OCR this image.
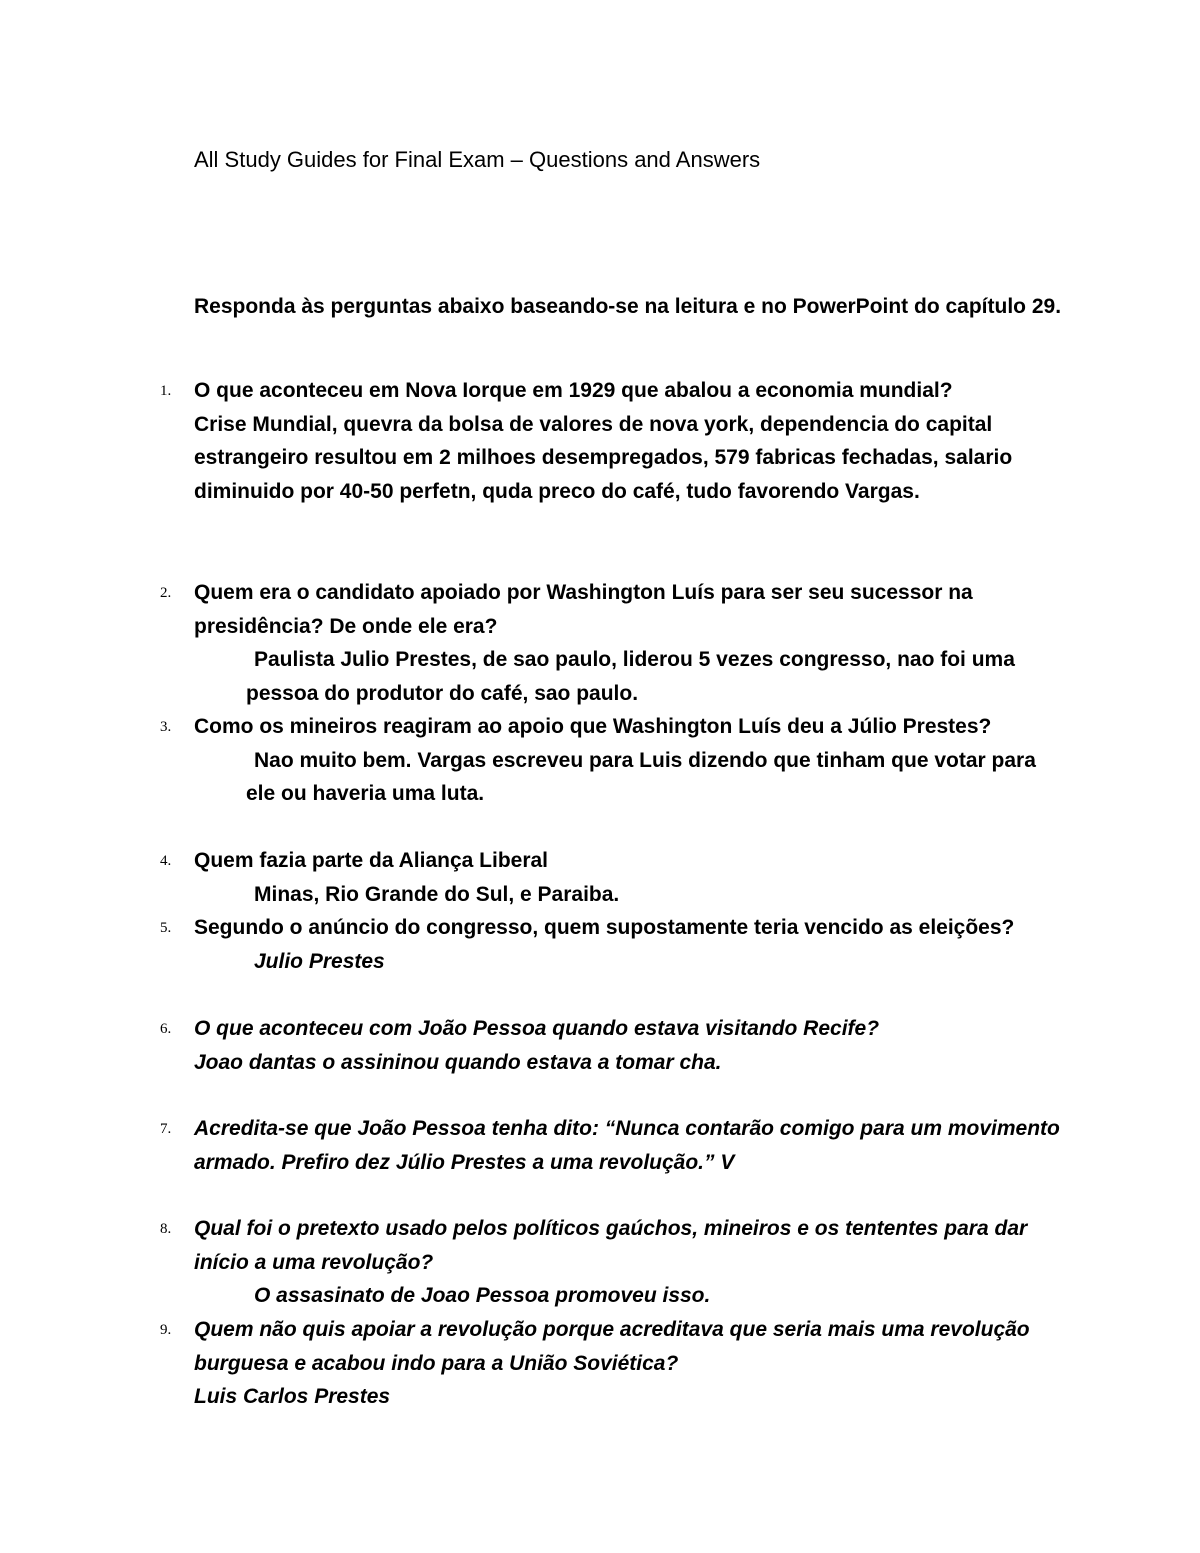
All Study Guides for Final Exam – Questions and Answers

Responda às perguntas abaixo baseando-se na leitura e no PowerPoint do capítulo 29.

1. O que aconteceu em Nova Iorque em 1929 que abalou a economia mundial?
Crise Mundial, quevra da bolsa de valores de nova york, dependencia do capital estrangeiro resultou em 2 milhoes desempregados, 579 fabricas fechadas, salario diminuido por 40-50 perfetn, quda preco do café, tudo favorendo Vargas.
2. Quem era o candidato apoiado por Washington Luís para ser seu sucessor na presidência? De onde ele era?
Paulista Julio Prestes, de sao paulo, liderou 5 vezes congresso, nao foi uma pessoa do produtor do café, sao paulo.
3. Como os mineiros reagiram ao apoio que Washington Luís deu a Júlio Prestes?
Nao muito bem. Vargas escreveu para Luis dizendo que tinham que votar para ele ou haveria uma luta.
4. Quem fazia parte da Aliança Liberal
Minas, Rio Grande do Sul, e Paraiba.
5. Segundo o anúncio do congresso, quem supostamente teria vencido as eleições?
Julio Prestes
6. O que aconteceu com João Pessoa quando estava visitando Recife?
Joao dantas o assininou quando estava a tomar cha.
7. Acredita-se que João Pessoa tenha dito: “Nunca contarão comigo para um movimento armado. Prefiro dez Júlio Prestes a uma revolução.” V
8. Qual foi o pretexto usado pelos políticos gaúchos, mineiros e os tententes para dar início a uma revolução?
O assasinato de Joao Pessoa promoveu isso.
9. Quem não quis apoiar a revolução porque acreditava que seria mais uma revolução burguesa e acabou indo para a União Soviética?
Luis Carlos Prestes
